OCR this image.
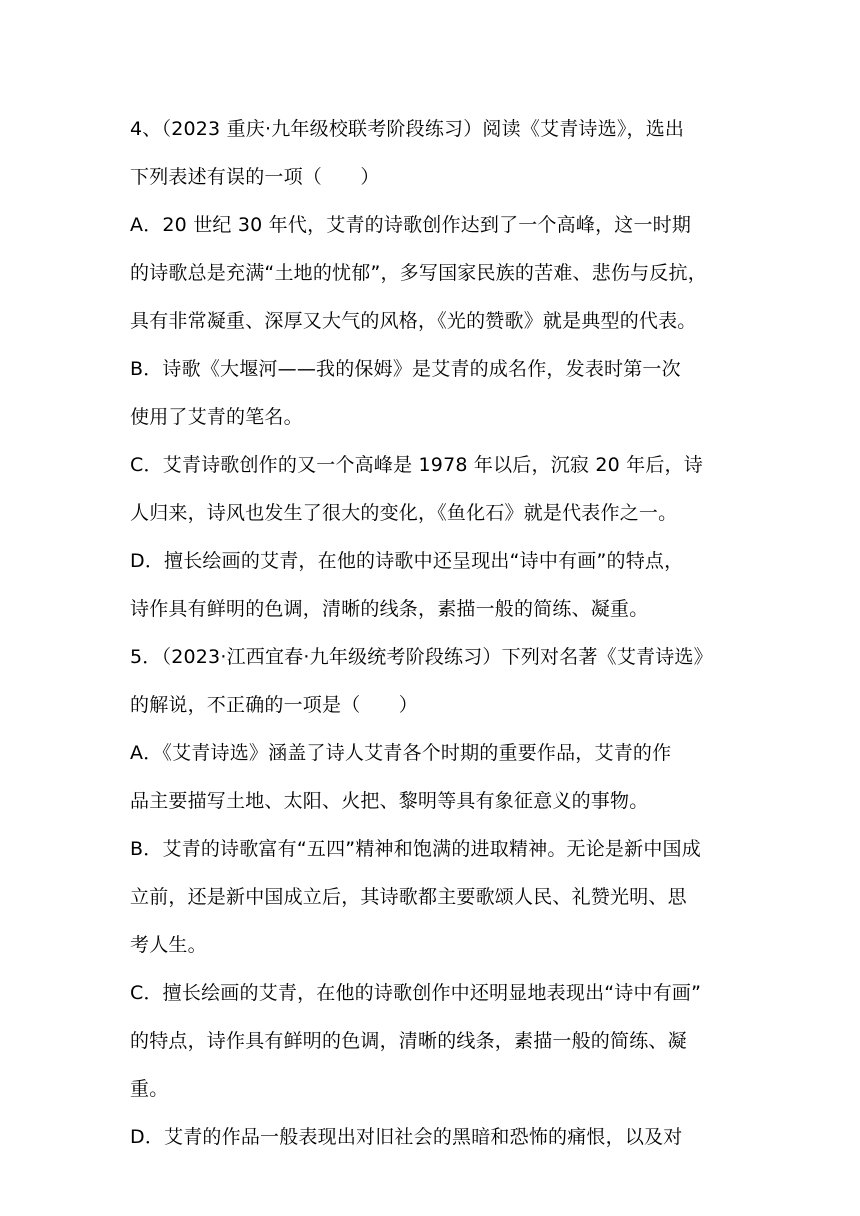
4、（2023 重庆·九年级校联考阶段练习）阅读《艾青诗选》，选出
下列表述有误的一项（　　）
A．20 世纪 30 年代，艾青的诗歌创作达到了一个高峰，这一时期
的诗歌总是充满“土地的忧郁”，多写国家民族的苦难、悲伤与反抗，
具有非常凝重、深厚又大气的风格，《光的赞歌》就是典型的代表。
B．诗歌《大堰河——我的保姆》是艾青的成名作，发表时第一次
使用了艾青的笔名。
C．艾青诗歌创作的又一个高峰是 1978 年以后，沉寂 20 年后，诗
人归来，诗风也发生了很大的变化，《鱼化石》就是代表作之一。
D．擅长绘画的艾青，在他的诗歌中还呈现出“诗中有画”的特点，
诗作具有鲜明的色调，清晰的线条，素描一般的简练、凝重。
5．（2023·江西宜春·九年级统考阶段练习）下列对名著《艾青诗选》
的解说，不正确的一项是（　　）
A．《艾青诗选》涵盖了诗人艾青各个时期的重要作品，艾青的作
品主要描写土地、太阳、火把、黎明等具有象征意义的事物。
B．艾青的诗歌富有“五四”精神和饱满的进取精神。无论是新中国成
立前，还是新中国成立后，其诗歌都主要歌颂人民、礼赞光明、思
考人生。
C．擅长绘画的艾青，在他的诗歌创作中还明显地表现出“诗中有画”
的特点，诗作具有鲜明的色调，清晰的线条，素描一般的简练、凝
重。
D．艾青的作品一般表现出对旧社会的黑暗和恐怖的痛恨，以及对
